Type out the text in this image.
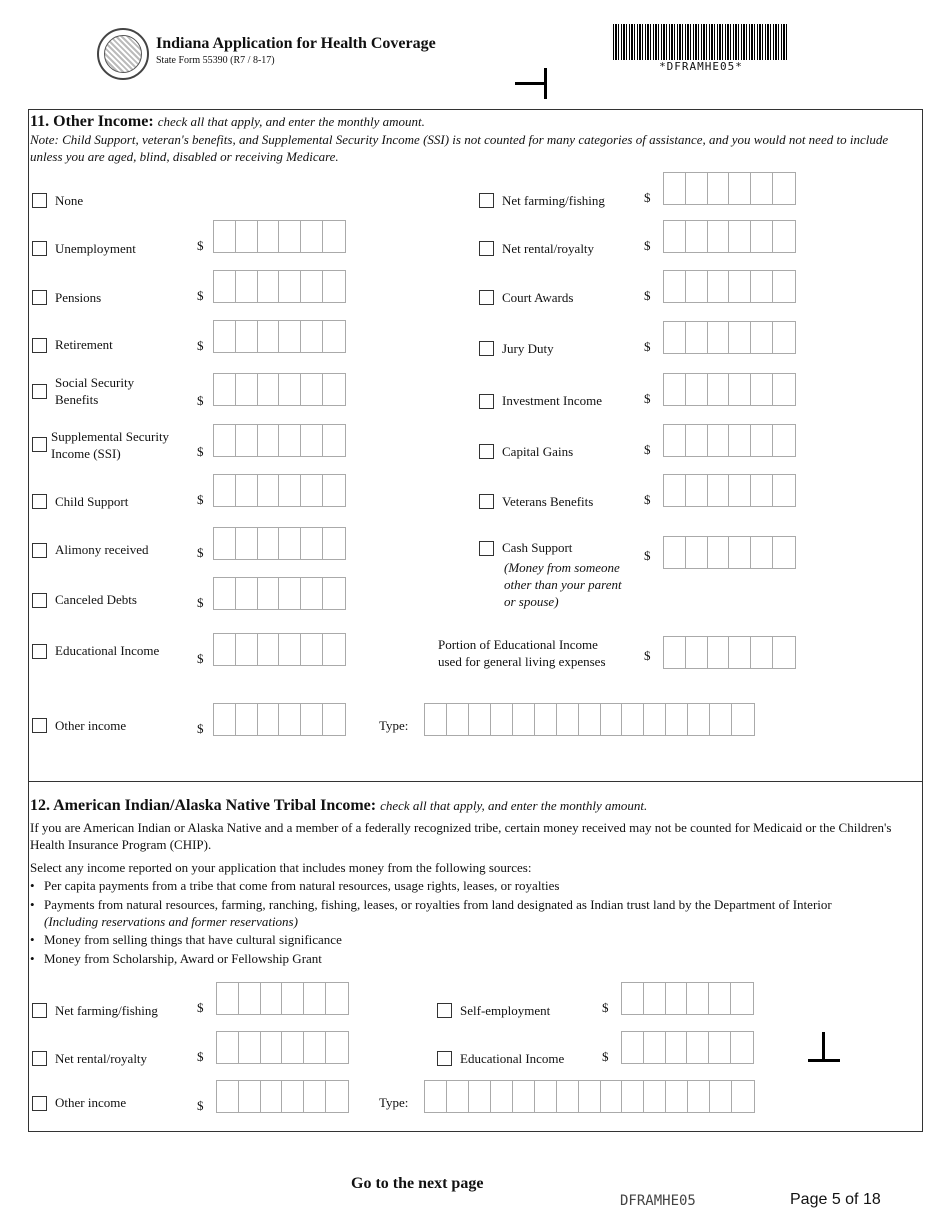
Indiana Application for Health Coverage
State Form 55390 (R7 / 8-17)	*DFRAMHE05*
11. Other Income: check all that apply, and enter the monthly amount.
Note: Child Support, veteran's benefits, and Supplemental Security Income (SSI) is not counted for many categories of assistance, and you would not need to include unless you are aged, blind, disabled or receiving Medicare.
12. American Indian/Alaska Native Tribal Income: check all that apply, and enter the monthly amount.
If you are American Indian or Alaska Native and a member of a federally recognized tribe, certain money received may not be counted for Medicaid or the Children's Health Insurance Program (CHIP).
Select any income reported on your application that includes money from the following sources:
• Per capita payments from a tribe that come from natural resources, usage rights, leases, or royalties
• Payments from natural resources, farming, ranching, fishing, leases, or royalties from land designated as Indian trust land by the Department of Interior
(Including reservations and former reservations)
• Money from selling things that have cultural significance
• Money from Scholarship, Award or Fellowship Grant
Go to the next page
DFRAMHE05	Page 5 of 18
None
Unemployment	$
Pensions	$
Retirement	$
Social Security
Benefits	$
Supplemental Security
Income (SSI)	$
Child Support	$
Alimony received	$
Canceled Debts	$
Educational Income
$
Other income	$
Net farming/fishing	$
Net rental/royalty	$
Court Awards	$
Jury Duty	$
Investment Income	$
Capital Gains	$
Veterans Benefits	$
Cash Support
$
(Money from someone
other than your parent
or spouse)
Portion of Educational Income
used for general living expenses	$
Type:
Net farming/fishing	$
Net rental/royalty	$
Other income	$
Self-employment	$
Educational Income	$
Type:
